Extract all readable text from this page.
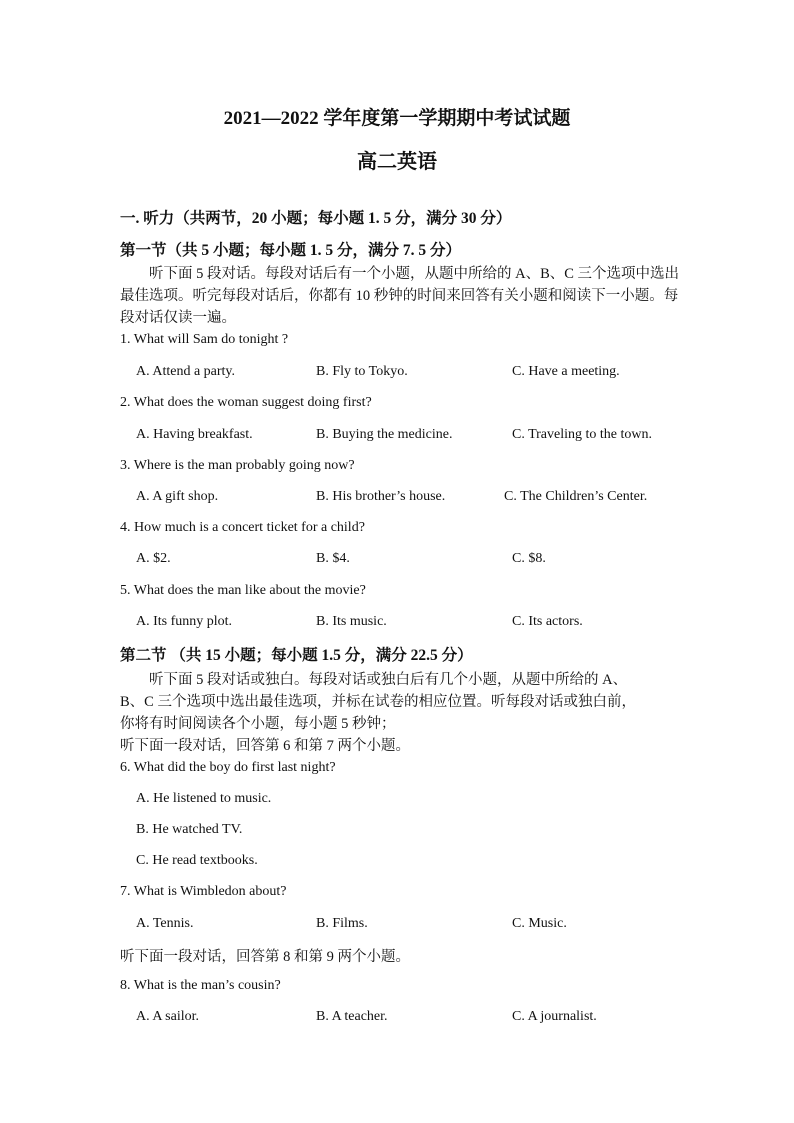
2021—2022 学年度第一学期期中考试试题
高二英语
一. 听力（共两节，20 小题；每小题 1. 5 分，满分 30 分）
第一节（共 5 小题；每小题 1. 5 分，满分 7. 5 分）
听下面 5 段对话。每段对话后有一个小题，从题中所给的 A、B、C 三个选项中选出最佳选项。听完每段对话后，你都有 10 秒钟的时间来回答有关小题和阅读下一小题。每段对话仅读一遍。
1. What will Sam do tonight ?
A. Attend a party.	B. Fly to Tokyo.	C. Have a meeting.
2. What does the woman suggest doing first?
A. Having breakfast.	B. Buying the medicine.	C. Traveling to the town.
3. Where is the man probably going now?
A. A gift shop.	B. His brother’s house.	C. The Children’s Center.
4. How much is a concert ticket for a child?
A. $2.	B. $4.	C. $8.
5. What does the man like about the movie?
A. Its funny plot.	B. Its music.	C. Its actors.
第二节 （共 15 小题；每小题 1.5 分，满分 22.5 分）
听下面 5 段对话或独白。每段对话或独白后有几个小题，从题中所给的 A、
B、C 三个选项中选出最佳选项，并标在试卷的相应位置。听每段对话或独白前，
你将有时间阅读各个小题，每小题 5 秒钟；
听下面一段对话，回答第 6 和第 7 两个小题。
6. What did the boy do first last night?
A. He listened to music.
B. He watched TV.
C. He read textbooks.
7. What is Wimbledon about?
A. Tennis.	B. Films.	C. Music.
听下面一段对话，回答第 8 和第 9 两个小题。
8. What is the man’s cousin?
A. A sailor.	B. A teacher.	C. A journalist.
